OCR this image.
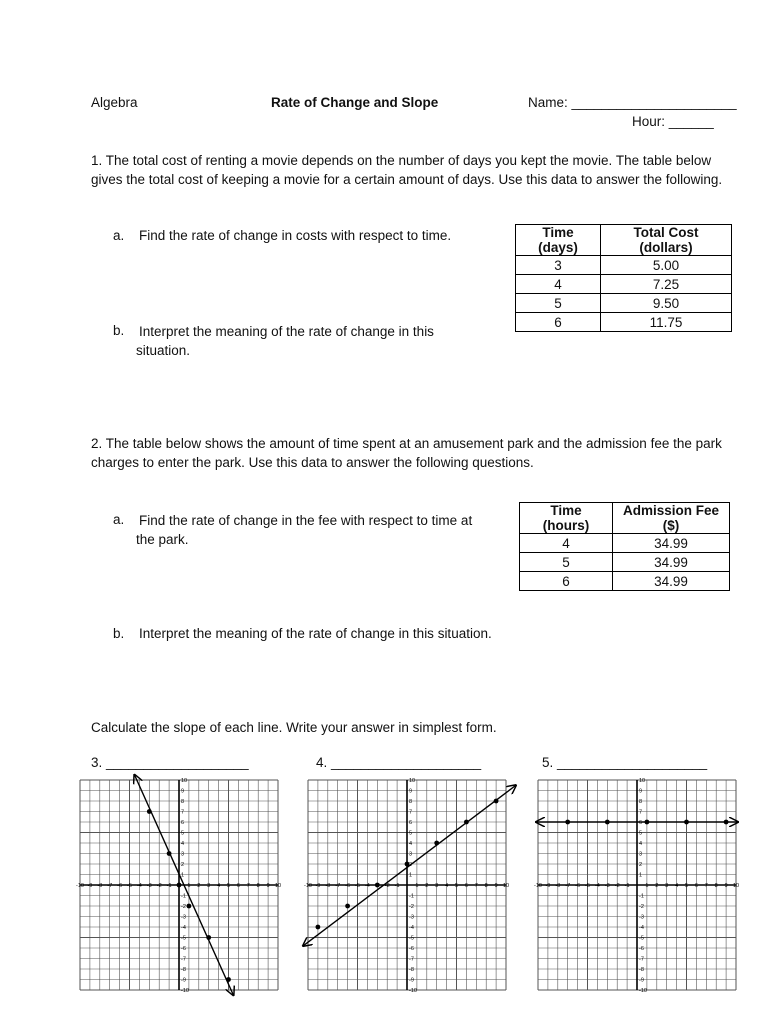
Algebra	Rate of Change and Slope	Name: ______________________
Hour: ______
1. The total cost of renting a movie depends on the number of days you kept the movie. The table below gives the total cost of keeping a movie for a certain amount of days. Use this data to answer the following.
a. Find the rate of change in costs with respect to time.
b. Interpret the meaning of the rate of change in this situation.
Time (days)	Total Cost (dollars)
3	5.00
4	7.25
5	9.50
6	11.75
2. The table below shows the amount of time spent at an amusement park and the admission fee the park charges to enter the park. Use this data to answer the following questions.
a. Find the rate of change in the fee with respect to time at the park.
b. Interpret the meaning of the rate of change in this situation.
Time (hours)	Admission Fee ($)
4	34.99
5	34.99
6	34.99
Calculate the slope of each line. Write your answer in simplest form.
3. ___________________	4. ____________________	5. ____________________
-10 -9 -8 -7 -6 -5 -4 -3 -2 -1	1 2 3 4 5 6 7 8 9 10
10
9
8
7
6
5
4
3
2
1
-1
-2
-3
-4
-5
-6
-7
-8
-9
-10
-10 -9 -8 -7 -6 -5 -4	-2 -1	1 2 3 4 5 6 7 8 9 10
10
9
8
7
6
5
4
3
1
-1
-2
-3
-4
-5
-6
-7
-8
-9
-10
-10 -9 -8 -7 -6 -5 -4 -3 -2 -1	1 2 3 4 5 6 7 8 9 10
10
9
8
7
6
5
4
3
2
1
-1
-2
-3
-4
-5
-6
-7
-8
-9
-10
